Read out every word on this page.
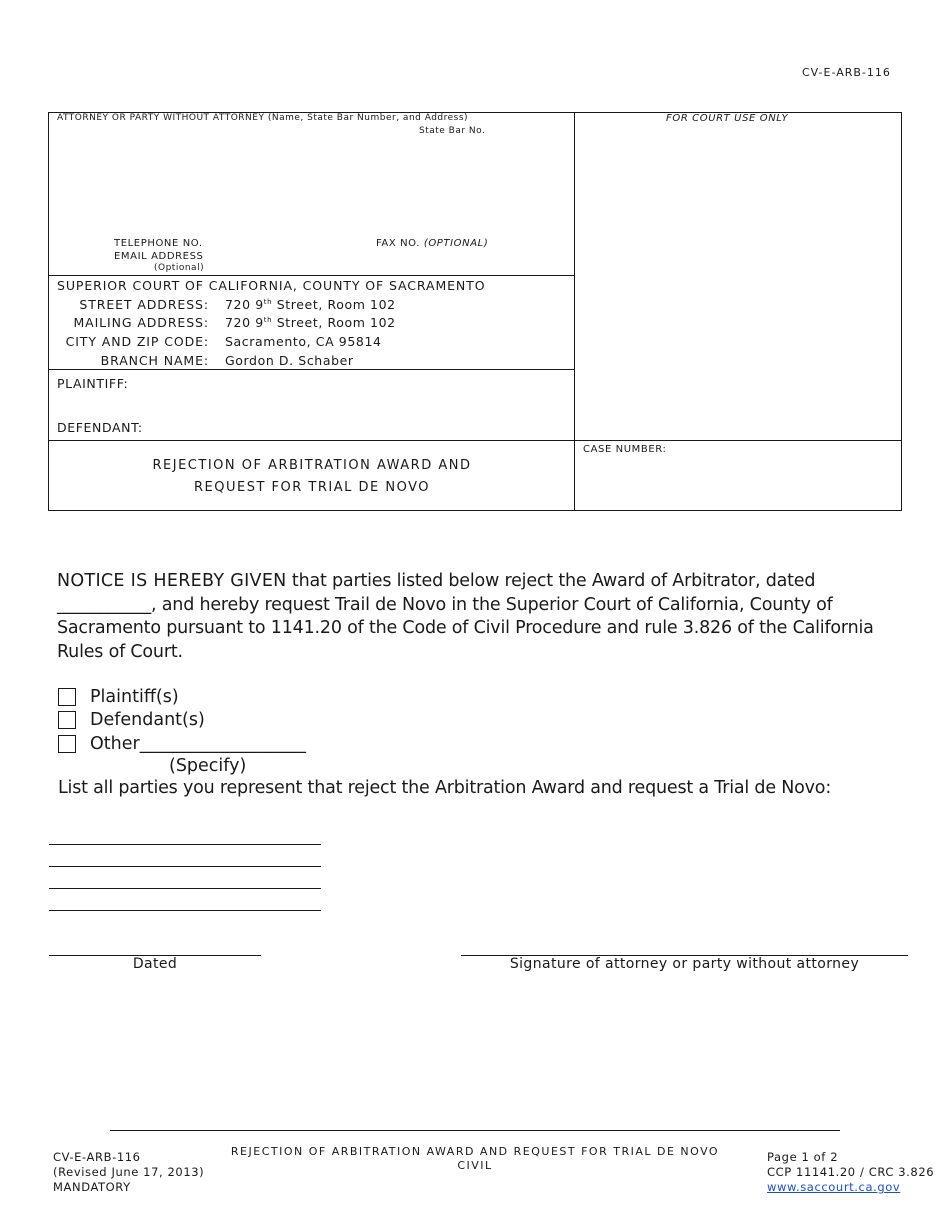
CV-E-ARB-116
ATTORNEY OR PARTY WITHOUT ATTORNEY (Name, State Bar Number, and Address)
State Bar No.
TELEPHONE NO.	FAX NO. (OPTIONAL)
EMAIL ADDRESS
(Optional)
FOR COURT USE ONLY
SUPERIOR COURT OF CALIFORNIA, COUNTY OF SACRAMENTO
STREET ADDRESS: 720 9th Street, Room 102
MAILING ADDRESS: 720 9th Street, Room 102
CITY AND ZIP CODE: Sacramento, CA 95814
BRANCH NAME: Gordon D. Schaber
PLAINTIFF:
DEFENDANT:
REJECTION OF ARBITRATION AWARD AND
REQUEST FOR TRIAL DE NOVO
CASE NUMBER:
NOTICE IS HEREBY GIVEN that parties listed below reject the Award of Arbitrator, dated ___________, and hereby request Trail de Novo in the Superior Court of California, County of Sacramento pursuant to 1141.20 of the Code of Civil Procedure and rule 3.826 of the California Rules of Court.
Plaintiff(s)
Defendant(s)
Other___________________
(Specify)
List all parties you represent that reject the Arbitration Award and request a Trial de Novo:
Dated	Signature of attorney or party without attorney
CV-E-ARB-116
(Revised June 17, 2013)
MANDATORY
REJECTION OF ARBITRATION AWARD AND REQUEST FOR TRIAL DE NOVO
CIVIL
Page 1 of 2
CCP 11141.20 / CRC 3.826
www.saccourt.ca.gov
